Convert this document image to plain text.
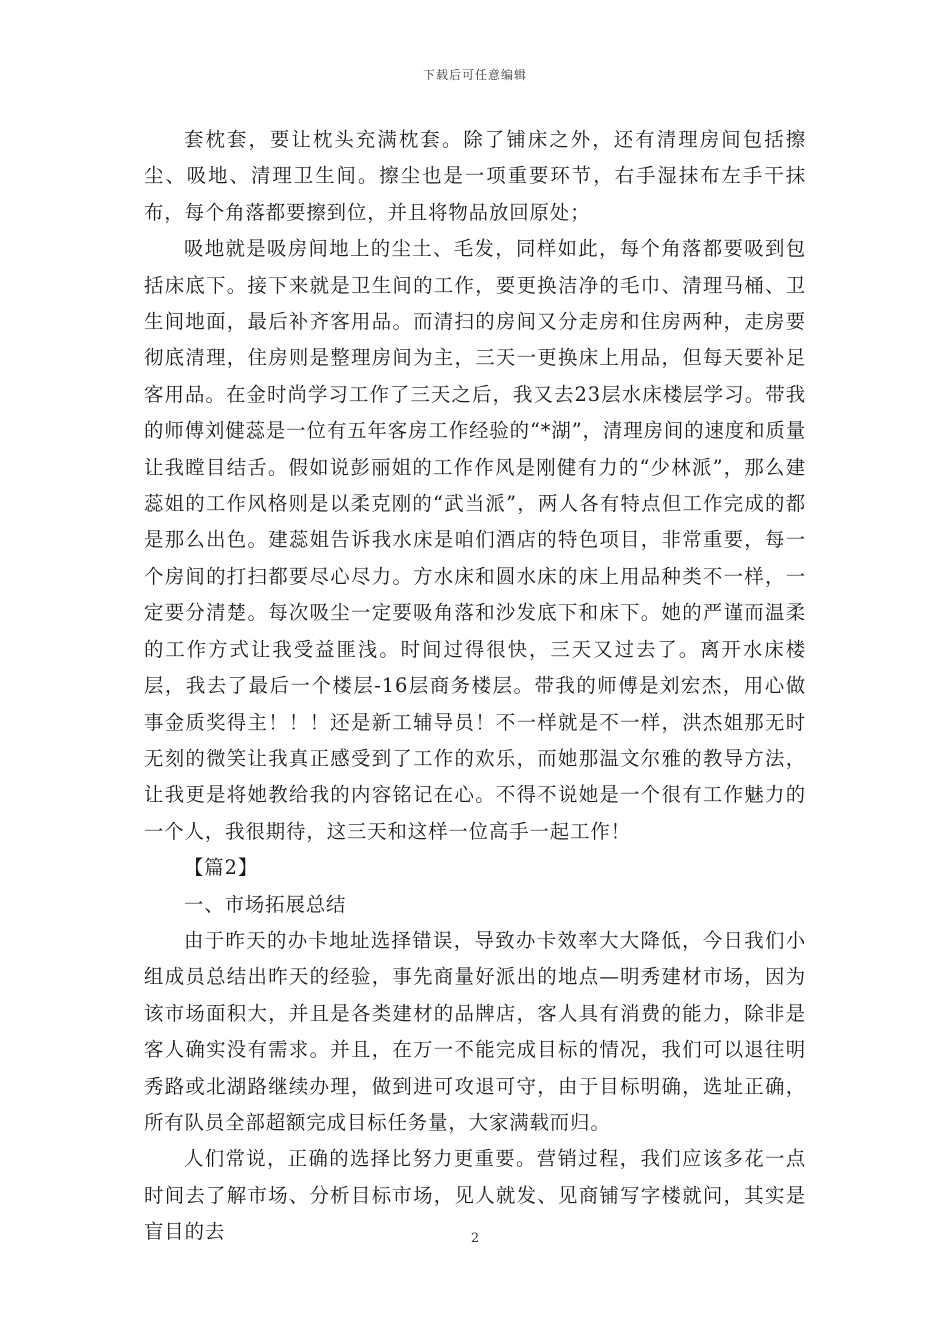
下载后可任意编辑

套枕套，要让枕头充满枕套。除了铺床之外，还有清理房间包括擦尘、吸地、清理卫生间。擦尘也是一项重要环节，右手湿抹布左手干抹布，每个角落都要擦到位，并且将物品放回原处；

吸地就是吸房间地上的尘土、毛发，同样如此，每个角落都要吸到包括床底下。接下来就是卫生间的工作，要更换洁净的毛巾、清理马桶、卫生间地面，最后补齐客用品。而清扫的房间又分走房和住房两种，走房要彻底清理，住房则是整理房间为主，三天一更换床上用品，但每天要补足客用品。在金时尚学习工作了三天之后，我又去23层水床楼层学习。带我的师傅刘健蕊是一位有五年客房工作经验的“*湖”，清理房间的速度和质量让我瞠目结舌。假如说彭丽姐的工作作风是刚健有力的“少林派”，那么建蕊姐的工作风格则是以柔克刚的“武当派”，两人各有特点但工作完成的都是那么出色。建蕊姐告诉我水床是咱们酒店的特色项目，非常重要，每一个房间的打扫都要尽心尽力。方水床和圆水床的床上用品种类不一样，一定要分清楚。每次吸尘一定要吸角落和沙发底下和床下。她的严谨而温柔的工作方式让我受益匪浅。时间过得很快，三天又过去了。离开水床楼层，我去了最后一个楼层-16层商务楼层。带我的师傅是刘宏杰，用心做事金质奖得主！！！还是新工辅导员！不一样就是不一样，洪杰姐那无时无刻的微笑让我真正感受到了工作的欢乐，而她那温文尔雅的教导方法，让我更是将她教给我的内容铭记在心。不得不说她是一个很有工作魅力的一个人，我很期待，这三天和这样一位高手一起工作！

【篇2】

一、市场拓展总结

由于昨天的办卡地址选择错误，导致办卡效率大大降低，今日我们小组成员总结出昨天的经验，事先商量好派出的地点—明秀建材市场，因为该市场面积大，并且是各类建材的品牌店，客人具有消费的能力，除非是客人确实没有需求。并且，在万一不能完成目标的情况，我们可以退往明秀路或北湖路继续办理，做到进可攻退可守，由于目标明确，选址正确，所有队员全部超额完成目标任务量，大家满载而归。

人们常说，正确的选择比努力更重要。营销过程，我们应该多花一点时间去了解市场、分析目标市场，见人就发、见商铺写字楼就问，其实是盲目的去	2
